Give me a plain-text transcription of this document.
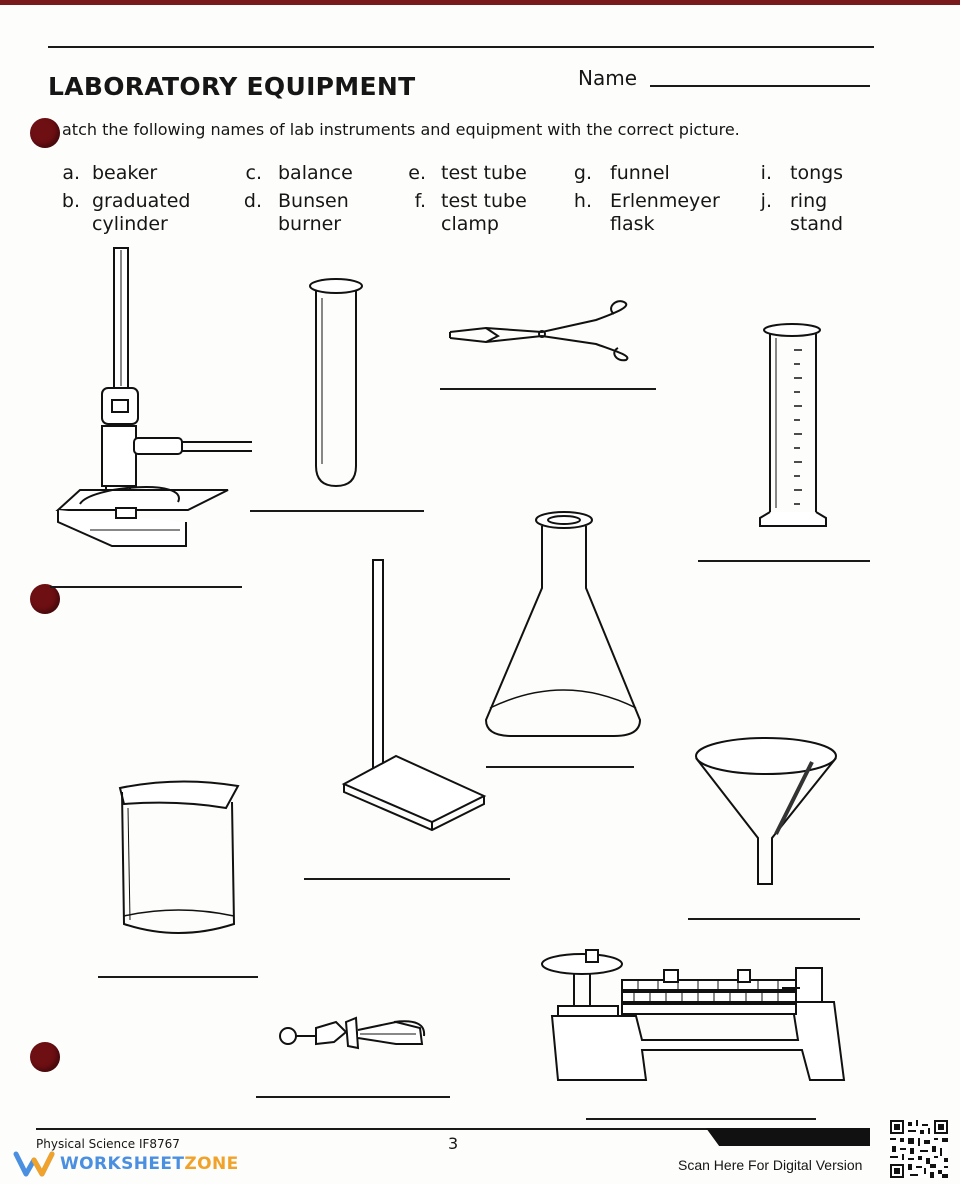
LABORATORY EQUIPMENT	Name
atch the following names of lab instruments and equipment with the correct picture.
a. beaker
b. graduated
cylinder
c. balance
d. Bunsen
burner
e. test tube
f. test tube
clamp
g. funnel
h. Erlenmeyer
flask
i. tongs
j. ring
stand
Physical Science IF8767	3
WORKSHEETZONE	Scan Here For Digital Version
